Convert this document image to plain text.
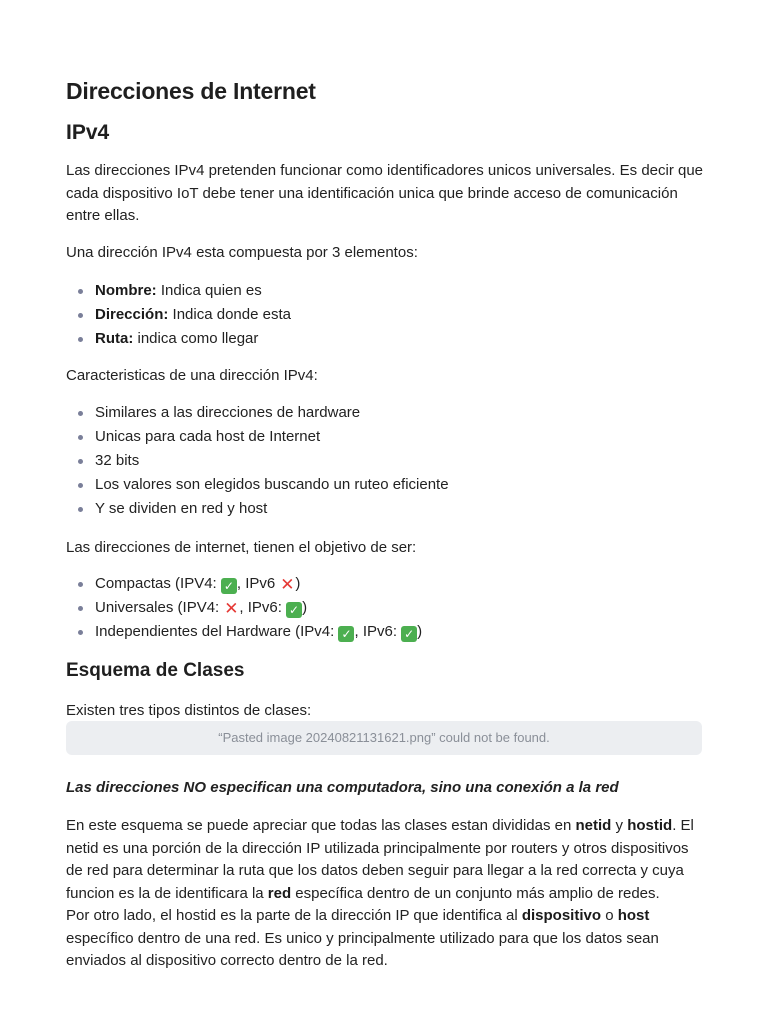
Direcciones de Internet
IPv4

Las direcciones IPv4 pretenden funcionar como identificadores unicos universales. Es decir que cada dispositivo IoT debe tener una identificación unica que brinde acceso de comunicación entre ellas.

Una dirección IPv4 esta compuesta por 3 elementos:

Nombre: Indica quien es
Dirección: Indica donde esta
Ruta: indica como llegar

Caracteristicas de una dirección IPv4:

Similares a las direcciones de hardware
Unicas para cada host de Internet
32 bits
Los valores son elegidos buscando un ruteo eficiente
Y se dividen en red y host

Las direcciones de internet, tienen el objetivo de ser:

Compactas (IPV4: ✓ , IPv6 ✕)
Universales (IPV4: ✕, IPv6: ✓ )
Independientes del Hardware (IPv4: ✓ , IPv6: ✓ )
Esquema de Clases

Existen tres tipos distintos de clases:

“Pasted image 20240821131621.png” could not be found.

Las direcciones NO especifican una computadora, sino una conexión a la red

En este esquema se puede apreciar que todas las clases estan divididas en netid y hostid. El netid es una porción de la dirección IP utilizada principalmente por routers y otros dispositivos de red para determinar la ruta que los datos deben seguir para llegar a la red correcta y cuya funcion es la de identificara la red específica dentro de un conjunto más amplio de redes.
Por otro lado, el hostid es la parte de la dirección IP que identifica al dispositivo o host específico dentro de una red. Es unico y principalmente utilizado para que los datos sean enviados al dispositivo correcto dentro de la red.
